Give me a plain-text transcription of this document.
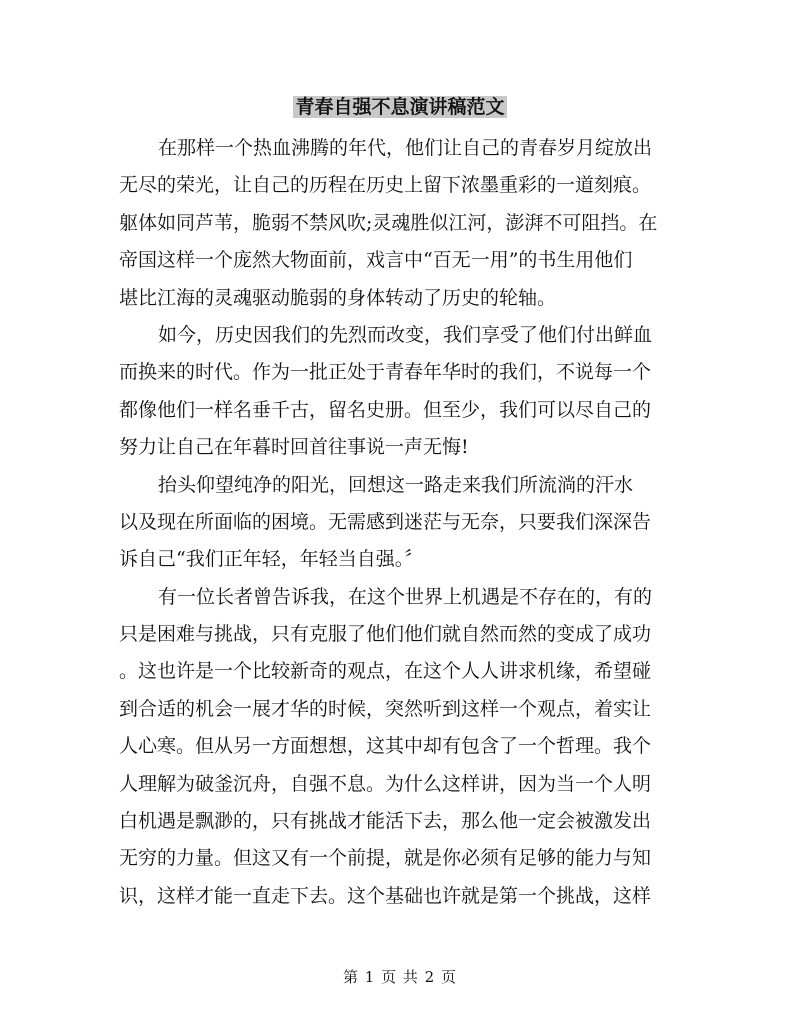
青春自强不息演讲稿范文
在那样一个热血沸腾的年代，他们让自己的青春岁月绽放出
无尽的荣光，让自己的历程在历史上留下浓墨重彩的一道刻痕。
躯体如同芦苇，脆弱不禁风吹;灵魂胜似江河，澎湃不可阻挡。在
帝国这样一个庞然大物面前，戏言中“百无一用”的书生用他们
堪比江海的灵魂驱动脆弱的身体转动了历史的轮轴。
如今，历史因我们的先烈而改变，我们享受了他们付出鲜血
而换来的时代。作为一批正处于青春年华时的我们，不说每一个
都像他们一样名垂千古，留名史册。但至少，我们可以尽自己的
努力让自己在年暮时回首往事说一声无悔!
抬头仰望纯净的阳光，回想这一路走来我们所流淌的汗水
以及现在所面临的困境。无需感到迷茫与无奈，只要我们深深告
诉自己“我们正年轻，年轻当自强。〞
有一位长者曾告诉我，在这个世界上机遇是不存在的，有的
只是困难与挑战，只有克服了他们他们就自然而然的变成了成功
。这也许是一个比较新奇的观点，在这个人人讲求机缘，希望碰
到合适的机会一展才华的时候，突然听到这样一个观点，着实让
人心寒。但从另一方面想想，这其中却有包含了一个哲理。我个
人理解为破釜沉舟，自强不息。为什么这样讲，因为当一个人明
白机遇是飘渺的，只有挑战才能活下去，那么他一定会被激发出
无穷的力量。但这又有一个前提，就是你必须有足够的能力与知
识，这样才能一直走下去。这个基础也许就是第一个挑战，这样
第 1 页 共 2 页
